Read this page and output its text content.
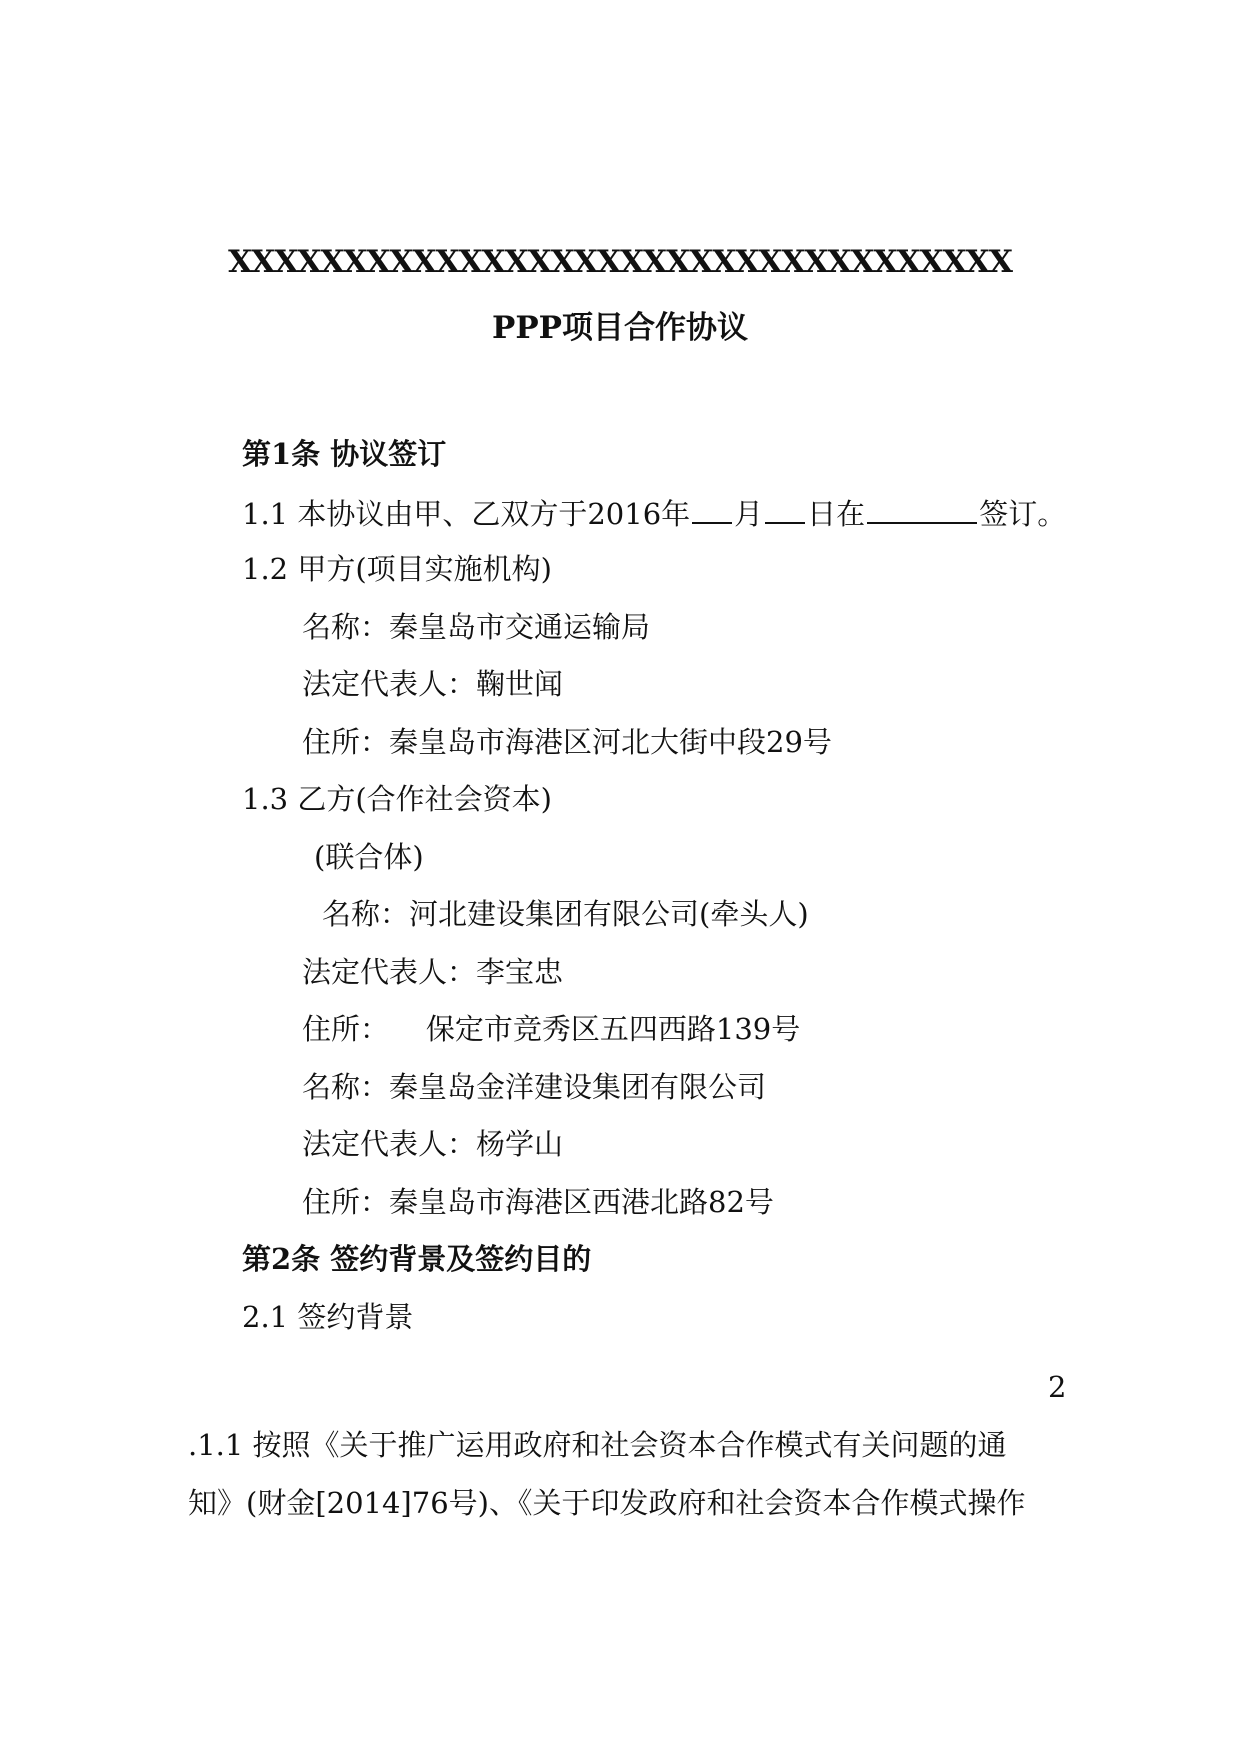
XXXXXXXXXXXXXXXXXXXXXXXXXXXXXXXXXX
PPP项目合作协议
第1条 协议签订
1.1 本协议由甲、乙双方于2016年 月 日在	签订。
1.2 甲方(项目实施机构)
名称：秦皇岛市交通运输局
法定代表人：鞠世闻
住所：秦皇岛市海港区河北大街中段29号
1.3 乙方(合作社会资本)
(联合体)
名称：河北建设集团有限公司(牵头人)
法定代表人：李宝忠
住所：    保定市竞秀区五四西路139号
名称：秦皇岛金洋建设集团有限公司
法定代表人：杨学山
住所：秦皇岛市海港区西港北路82号
第2条 签约背景及签约目的
2.1 签约背景
2
.1.1 按照《关于推广运用政府和社会资本合作模式有关问题的通
知》(财金[2014]76号)、《关于印发政府和社会资本合作模式操作
